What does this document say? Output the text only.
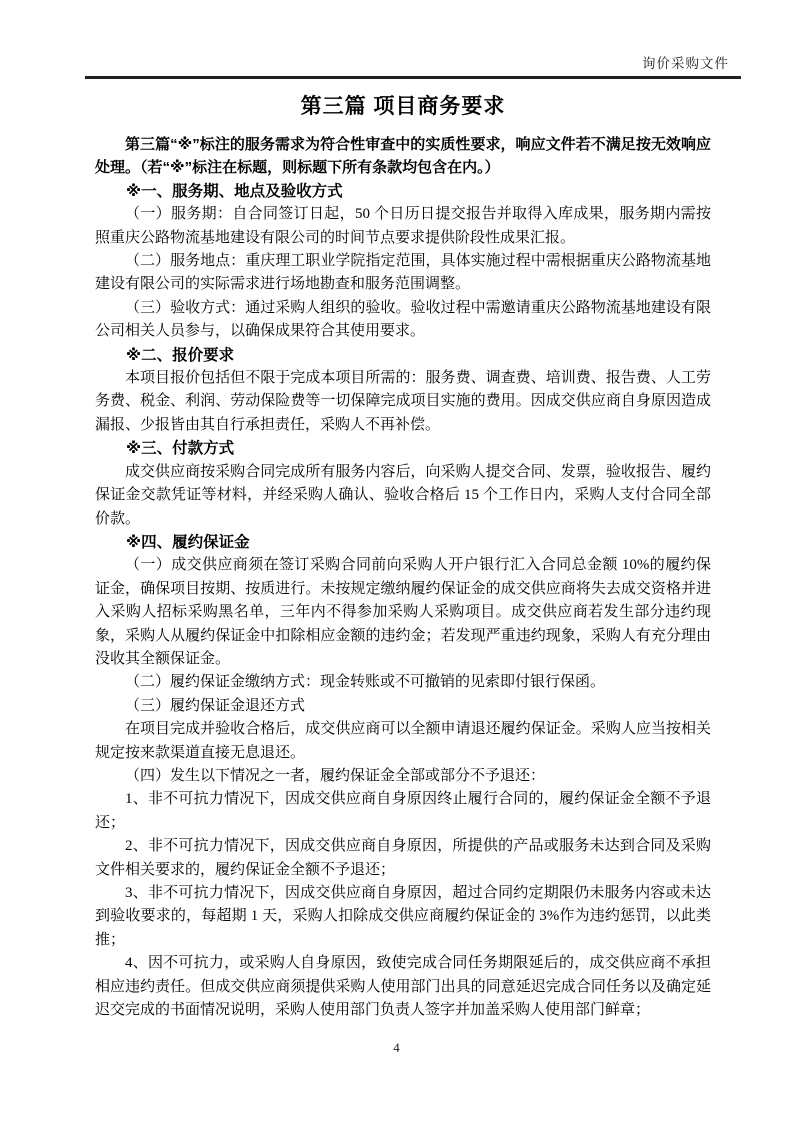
询价采购文件
第三篇 项目商务要求

第三篇“※”标注的服务需求为符合性审查中的实质性要求，响应文件若不满足按无效响应处理。（若“※”标注在标题，则标题下所有条款均包含在内。）

※一、服务期、地点及验收方式

（一）服务期：自合同签订日起，50 个日历日提交报告并取得入库成果，服务期内需按照重庆公路物流基地建设有限公司的时间节点要求提供阶段性成果汇报。

（二）服务地点：重庆理工职业学院指定范围，具体实施过程中需根据重庆公路物流基地建设有限公司的实际需求进行场地勘查和服务范围调整。

（三）验收方式：通过采购人组织的验收。验收过程中需邀请重庆公路物流基地建设有限公司相关人员参与，以确保成果符合其使用要求。

※二、报价要求

本项目报价包括但不限于完成本项目所需的：服务费、调查费、培训费、报告费、人工劳务费、税金、利润、劳动保险费等一切保障完成项目实施的费用。因成交供应商自身原因造成漏报、少报皆由其自行承担责任，采购人不再补偿。

※三、付款方式

成交供应商按采购合同完成所有服务内容后，向采购人提交合同、发票，验收报告、履约保证金交款凭证等材料，并经采购人确认、验收合格后 15 个工作日内，采购人支付合同全部价款。

※四、履约保证金

（一）成交供应商须在签订采购合同前向采购人开户银行汇入合同总金额 10%的履约保证金，确保项目按期、按质进行。未按规定缴纳履约保证金的成交供应商将失去成交资格并进入采购人招标采购黑名单，三年内不得参加采购人采购项目。成交供应商若发生部分违约现象，采购人从履约保证金中扣除相应金额的违约金；若发现严重违约现象，采购人有充分理由没收其全额保证金。

（二）履约保证金缴纳方式：现金转账或不可撤销的见索即付银行保函。

（三）履约保证金退还方式

在项目完成并验收合格后，成交供应商可以全额申请退还履约保证金。采购人应当按相关规定按来款渠道直接无息退还。

（四）发生以下情况之一者，履约保证金全部或部分不予退还：

1、非不可抗力情况下，因成交供应商自身原因终止履行合同的，履约保证金全额不予退还；

2、非不可抗力情况下，因成交供应商自身原因，所提供的产品或服务未达到合同及采购文件相关要求的，履约保证金全额不予退还；

3、非不可抗力情况下，因成交供应商自身原因，超过合同约定期限仍未服务内容或未达到验收要求的，每超期 1 天，采购人扣除成交供应商履约保证金的 3%作为违约惩罚，以此类推；

4、因不可抗力，或采购人自身原因，致使完成合同任务期限延后的，成交供应商不承担相应违约责任。但成交供应商须提供采购人使用部门出具的同意延迟完成合同任务以及确定延迟交完成的书面情况说明，采购人使用部门负责人签字并加盖采购人使用部门鲜章；

4
